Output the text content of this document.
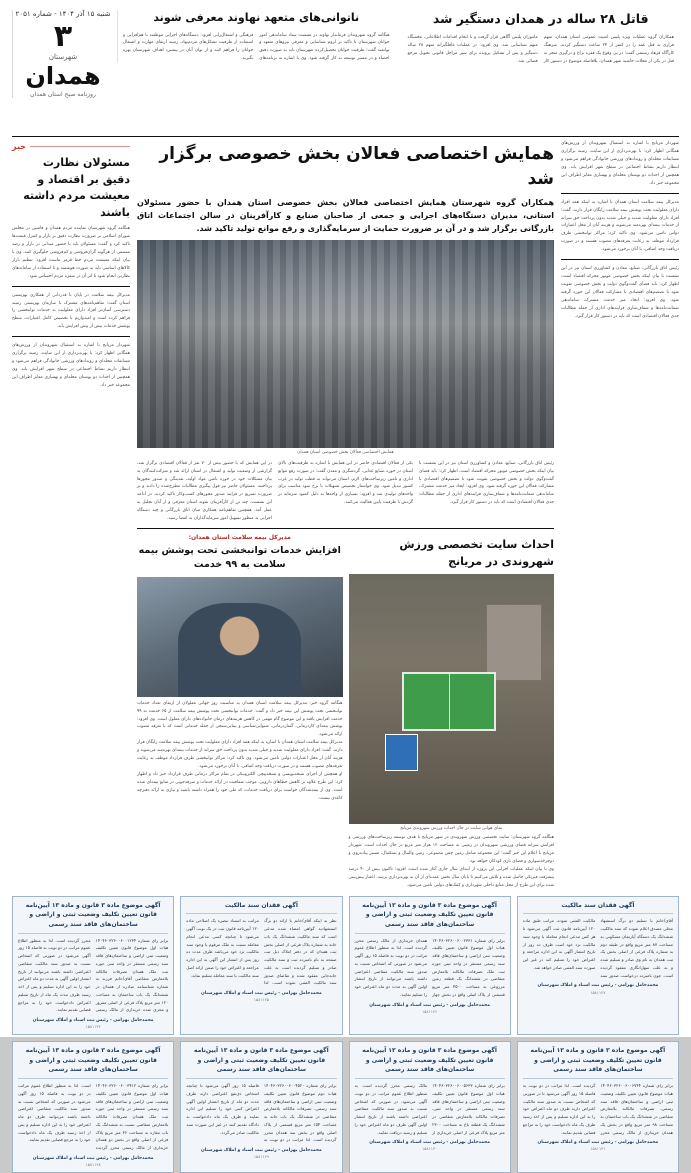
شنبه ۱۵ آذر ۱۴۰۴ - شماره ۲۰۵۱
۳
شهرستان
همدان
روزنامه صبح استان همدان
ناتوانی‌های متعهد نهاوند معرفی شوند
هنگامه گروه شهروندان فرماندار نهاوند در نشست ستاد ساماندهی امور جوانان شهرستان با تاکید بر لزوم شناسایی و معرفی نیروهای متعهد و توانمند گفت: ظرفیت جوانان تحصیل‌کرده شهرستان باید به صورت دقیق احصاء و در مسیر توسعه به کار گرفته شود. وی با اشاره به برنامه‌های فرهنگی و اشتغال‌زایی افزود: دستگاه‌های اجرایی موظفند با هم‌افزایی و استفاده از ظرفیت تشکل‌های مردم‌نهاد، زمینه ارتقای مهارت و اشتغال جوانان را فراهم کنند و از توان آنان در پیشبرد اهداف شهرستان بهره بگیرند.
قاتل ۲۸ ساله در همدان دستگیر شد
همکاران گروه عملیات ویژه پلیس امنیت عمومی استان همدان، متهم فراری به قتل عمد را در کمتر از ۲۴ ساعت دستگیر کردند. سرهنگ کارآگاه فرهاد رستمی گفت: در پی وقوع یک فقره نزاع و درگیری منجر به قتل در یکی از محلات حاشیه شهر همدان، بلافاصله موضوع در دستور کار ماموران پلیس آگاهی قرار گرفت و با انجام اقدامات اطلاعاتی، مخفیگاه متهم شناسایی شد. وی افزود: در عملیات غافلگیرانه متهم ۲۸ ساله دستگیر و پس از تشکیل پرونده برای سیر مراحل قانونی تحویل مرجع قضائی شد.
خبر
مسئولان نظارت دقیق بر اقتصاد و معیشت مردم داشته باشند
هنگامه گروه شهرستان نماینده مردم همدان و فامنین در مجلس شورای اسلامی بر ضرورت نظارت دقیق بر بازار و کنترل قیمت‌ها تاکید کرد و گفت: مسئولان باید با حضور میدانی در بازار و رصد مستمر، از هرگونه گران‌فروشی و کم‌فروشی جلوگیری کنند. وی با بیان اینکه معیشت مردم خط قرمز ماست افزود: تنظیم بازار کالاهای اساسی باید به صورت هوشمند و با استفاده از سامانه‌های نظارتی انجام شود تا اثر آن در سفره مردم احساس شود.
مدیرکل بیمه سلامت در پایان با قدردانی از همکاری بهزیستی استان گفت: تفاهم‌نامه‌های مشترک با سازمان بهزیستی زمینه دسترسی آسان‌تر افراد دارای معلولیت به خدمات توانبخشی را فراهم کرده است و امیدواریم با تخصیص کامل اعتبارات، سطح پوشش خدمات بیش از پیش افزایش یابد.
شهردار مریانج با اشاره به استقبال شهروندان از ورزش‌های همگانی اظهار کرد: با بهره‌برداری از این سایت، زمینه برگزاری مسابقات محله‌ای و رویدادهای ورزشی خانوادگی فراهم می‌شود و انتظار داریم نشاط اجتماعی در سطح شهر افزایش یابد. وی همچنین از احداث دو بوستان محله‌ای و بهسازی معابر اطراف این مجموعه خبر داد.
همایش اختصاصی فعالان بخش خصوصی برگزار شد
همکاران گروه شهرستان همایش اختصاصی فعالان بخش خصوصی استان همدان با حضور مسئولان استانی، مدیران دستگاه‌های اجرایی و جمعی از صاحبان صنایع و کارآفرینان در سالن اجتماعات اتاق بازرگانی برگزار شد و در آن بر ضرورت حمایت از سرمایه‌گذاری و رفع موانع تولید تاکید شد.
همایش اختصاصی فعالان بخش خصوصی استان همدان
در این همایش که با حضور بیش از ۷۰ نفر از فعالان اقتصادی برگزار شد، گزارشی از وضعیت تولید و اشتغال در استان ارائه شد و شرکت‌کنندگان به بیان مشکلات خود در حوزه تامین مواد اولیه، نقدینگی و صدور مجوزها پرداختند. مسئولان حاضر نیز قول پیگیری مطالبات مطرح‌شده را دادند و بر ضرورت تسریع در فرایند صدور مجوزهای کسب‌وکار تاکید کردند. در ادامه این نشست، چند تن از کارآفرینان نمونه استان معرفی و از آنان تجلیل به عمل آمد. همچنین تفاهم‌نامه همکاری میان اتاق بازرگانی و چند دستگاه اجرایی به منظور تسهیل امور سرمایه‌گذاران به امضا رسید.
یکی از فعالان اقتصادی حاضر در این همایش با اشاره به ظرفیت‌های بالای استان در حوزه صنایع غذایی، گردشگری و معدن گفت: در صورت رفع موانع اداری و تامین زیرساخت‌های لازم، استان می‌تواند به قطب تولید در غرب کشور تبدیل شود. وی خواستار تخصیص تسهیلات با نرخ سود مناسب برای واحدهای تولیدی شد و افزود: بسیاری از واحدها به دلیل کمبود سرمایه در گردش با ظرفیت پایین فعالیت می‌کنند.
رئیس اتاق بازرگانی، صنایع، معادن و کشاورزی استان نیز در این نشست با بیان اینکه بخش خصوصی موتور محرکه اقتصاد است، اظهار کرد: باید فضای گفت‌وگوی دولت و بخش خصوصی تقویت شود تا تصمیم‌های اقتصادی با مشارکت فعالان این حوزه گرفته شود. وی افزود: ایجاد میز خدمت مشترک، ساماندهی ضمانت‌نامه‌ها و شفاف‌سازی فرایندهای اداری از جمله مطالبات جدی فعالان اقتصادی است که باید در دستور کار قرار گیرد.
مدیرکل بیمه سلامت استان همدان:
افزایش خدمات توانبخشی تحت پوشش بیمه سلامت به ۹۹ خدمت
هنگامه گروه خبر: مدیرکل بیمه سلامت استان همدان به مناسبت روز جهانی معلولان از ارتقای تعداد خدمات توانبخشی تحت پوشش این بیمه خبر داد و گفت: خدمات توانبخشی تحت پوشش بیمه سلامت از ۶۵ خدمت به ۹۹ خدمت افزایش یافته و این موضوع گام مهمی در کاهش هزینه‌های درمان خانواده‌های دارای معلول است. وی افزود: پوشش بیمه‌ای کاردرمانی، گفتاردرمانی، شنوایی‌شناسی و بینایی‌سنجی از جمله خدماتی است که با تعرفه مصوب ارائه می‌شود.
مدیرکل بیمه سلامت استان همدان با اشاره به اینکه همه افراد دارای معلولیت تحت پوشش بیمه سلامت رایگان قرار دارند، گفت: افراد دارای معلولیت شدید و خیلی شدید بدون پرداخت حق سرانه از خدمات بیمه‌ای بهره‌مند می‌شوند و هزینه آنان از محل اعتبارات دولتی تامین می‌شود. وی تاکید کرد: مراکز توانبخشی طرف قرارداد موظف به رعایت تعرفه‌های مصوب هستند و در صورت دریافت وجه اضافی، با آنان برخورد می‌شود.
او همچنین از اجرای نسخه‌نویسی و نسخه‌پیچی الکترونیکی در تمام مراکز درمانی طرف قرارداد خبر داد و اظهار کرد: این طرح علاوه بر کاهش خطاهای دارویی، موجب شفافیت در ارائه خدمات و صرفه‌جویی در منابع بیمه‌ای شده است. وی از بیمه‌شدگان خواست برای دریافت خدمات، کد ملی خود را همراه داشته باشند و نیازی به ارائه دفترچه کاغذی نیست.
احداث سایت تخصصی ورزش شهروندی در مریانج
نمای هوایی سایت در حال احداث ورزش شهروندی مریانج
هنگامه گروه شهرستان: سایت تخصصی ورزش شهروندی در شهر مریانج با هدف توسعه زیرساخت‌های ورزشی و افزایش سرانه فضای ورزشی شهروندان در زمینی به مساحت ۱۲ هزار متر مربع در حال احداث است. شهردار مریانج با اعلام این خبر گفت: این مجموعه شامل زمین چمن مصنوعی، زمین والیبال و بسکتبال، مسیر پیاده‌روی و دوچرخه‌سواری و فضای بازی کودکان خواهد بود.
وی با بیان اینکه عملیات اجرایی این پروژه از ابتدای سال جاری آغاز شده است، افزود: تاکنون بیش از ۴۰ درصد پیشرفت فیزیکی حاصل شده و تلاش می‌کنیم تا پایان سال بخش عمده‌ای از آن به بهره‌برداری برسد. اعتبار پیش‌بینی شده برای این طرح از محل منابع داخلی شهرداری و کمک‌های دولتی تامین می‌شود.
شهردار مریانج با اشاره به استقبال شهروندان از ورزش‌های همگانی اظهار کرد: با بهره‌برداری از این سایت، زمینه برگزاری مسابقات محله‌ای و رویدادهای ورزشی خانوادگی فراهم می‌شود و انتظار داریم نشاط اجتماعی در سطح شهر افزایش یابد. وی همچنین از احداث دو بوستان محله‌ای و بهسازی معابر اطراف این مجموعه خبر داد.
مدیرکل بیمه سلامت استان همدان با اشاره به اینکه همه افراد دارای معلولیت تحت پوشش بیمه سلامت رایگان قرار دارند، گفت: افراد دارای معلولیت شدید و خیلی شدید بدون پرداخت حق سرانه از خدمات بیمه‌ای بهره‌مند می‌شوند و هزینه آنان از محل اعتبارات دولتی تامین می‌شود. وی تاکید کرد: مراکز توانبخشی طرف قرارداد موظف به رعایت تعرفه‌های مصوب هستند و در صورت دریافت وجه اضافی، با آنان برخورد می‌شود.
رئیس اتاق بازرگانی، صنایع، معادن و کشاورزی استان نیز در این نشست با بیان اینکه بخش خصوصی موتور محرکه اقتصاد است، اظهار کرد: باید فضای گفت‌وگوی دولت و بخش خصوصی تقویت شود تا تصمیم‌های اقتصادی با مشارکت فعالان این حوزه گرفته شود. وی افزود: ایجاد میز خدمت مشترک، ساماندهی ضمانت‌نامه‌ها و شفاف‌سازی فرایندهای اداری از جمله مطالبات جدی فعالان اقتصادی است که باید در دستور کار قرار گیرد.
آگهی موضوع ماده ۳ قانون و ماده ۱۳ آیین‌نامه قانون تعیین تکلیف وضعیت ثبتی و اراضی و ساختمان‌های فاقد سند رسمی
برابر رای شماره ۱۴۰۴۶۰۳۲۶۰۰۶۰۰۱۲۳۴ هیات اول موضوع قانون تعیین تکلیف وضعیت ثبتی اراضی و ساختمان‌های فاقد سند رسمی مستقر در واحد ثبتی حوزه ثبت ملک همدان تصرفات مالکانه بلامعارض متقاضی آقای/خانم فرزند به شماره شناسنامه صادره از همدان در ششدانگ یک باب ساختمان به مساحت ۱۲۰ متر مربع پلاک فرعی از اصلی مفروز و مجزی شده خریداری از مالک رسمی محرز گردیده است. لذا به منظور اطلاع عموم مراتب در دو نوبت به فاصله ۱۵ روز آگهی می‌شود در صورتی که اشخاص نسبت به صدور سند مالکیت متقاضی اعتراضی داشته باشند می‌توانند از تاریخ انتشار اولین آگهی به مدت دو ماه اعتراض خود را به این اداره تسلیم و پس از اخذ رسید ظرف مدت یک ماه از تاریخ تسلیم اعتراض دادخواست خود را به مراجع قضایی تقدیم نمایند.
محمدحامل بهرامی - رئیس ثبت اسناد و املاک شهرستان
۱۵۸۱۱۲۴
آگهی فقدان سند مالکیت
نظر به اینکه آقای/خانم با ارائه دو برگ استشهادیه گواهی امضاء شده مدعی است که سند مالکیت ششدانگ یک باب خانه به شماره پلاک فرعی از اصلی بخش ثبت همدان که در دفتر املاک ذیل ثبت صفحه به نام نامبرده ثبت و سند مالکیت صادر و تسلیم گردیده است به علت جابه‌جایی مفقود شده و تقاضای صدور سند مالکیت المثنی نموده است. لذا مراتب به استناد تبصره یک اصلاحی ماده ۱۲۰ آیین‌نامه قانون ثبت در یک نوبت آگهی می‌شود تا چنانچه کسی مدعی انجام معامله نسبت به ملک مرقوم یا وجود سند مالکیت نزد خود می‌باشد ظرف مدت ده روز پس از انتشار این آگهی به این اداره مراجعه و اعتراض خود را ضمن ارائه اصل سند مالکیت یا سند معامله تسلیم نماید.
محمدحامل بهرامی - رئیس ثبت اسناد و املاک شهرستان
۱۵۸۱۱۲۵
آگهی موضوع ماده ۳ قانون و ماده ۱۳ آیین‌نامه قانون تعیین تکلیف وضعیت ثبتی و اراضی و ساختمان‌های فاقد سند رسمی
برابر رای شماره ۱۴۰۴۶۰۳۲۶۰۰۶۰۰۲۳۳۱ هیات اول موضوع قانون تعیین تکلیف وضعیت ثبتی اراضی و ساختمان‌های فاقد سند رسمی مستقر در واحد ثبتی حوزه ثبت ملک تصرفات مالکانه بلامعارض متقاضی در ششدانگ یک قطعه زمین مزروعی به مساحت ۴۵۰۰ متر مربع قسمتی از پلاک اصلی واقع در بخش چهار همدان خریداری از مالک رسمی محرز گردیده است. لذا به منظور اطلاع عموم مراتب در دو نوبت به فاصله ۱۵ روز آگهی می‌شود در صورتی که اشخاص نسبت به صدور سند مالکیت متقاضی اعتراضی داشته باشند می‌توانند از تاریخ انتشار اولین آگهی به مدت دو ماه اعتراض خود را تسلیم نمایند.
محمدحامل بهرامی - رئیس ثبت اسناد و املاک شهرستان
۱۵۸۱۱۲۶
آگهی فقدان سند مالکیت
آقای/خانم با تسلیم دو برگ استشهاد محلی مصدق اعلام نموده که سند مالکیت ششدانگ یک دستگاه آپارتمان مسکونی به مساحت ۸۷ متر مربع واقع در طبقه دوم به شماره پلاک فرعی از اصلی بخش یک ثبت همدان به نام وی صادر و تسلیم شده و به علت سهل‌انگاری مفقود گردیده است. چون نامبرده درخواست صدور سند مالکیت المثنی نموده، مراتب طبق ماده ۱۲۰ آیین‌نامه قانون ثبت آگهی می‌شود تا هر کس مدعی انجام معامله یا وجود سند مالکیت نزد خود است ظرف ده روز از تاریخ انتشار آگهی به این اداره مراجعه و اعتراض خود را تسلیم کند در غیر این صورت سند المثنی صادر خواهد شد.
محمدحامل بهرامی - رئیس ثبت اسناد و املاک شهرستان
۱۵۸۱۱۲۷
آگهی موضوع ماده ۳ قانون و ماده ۱۳ آیین‌نامه قانون تعیین تکلیف وضعیت ثبتی و اراضی و ساختمان‌های فاقد سند رسمی
برابر رای شماره ۱۴۰۴۶۰۳۲۶۰۰۶۰۰۳۴۱۲ هیات اول موضوع قانون تعیین تکلیف وضعیت ثبتی اراضی و ساختمان‌های فاقد سند رسمی مستقر در واحد ثبتی حوزه ثبت ملک همدان تصرفات مالکانه بلامعارض متقاضی نسبت به ششدانگ یک باب مغازه به مساحت ۳۶ متر مربع پلاک فرعی از اصلی واقع در بخش دو همدان خریداری از مالک رسمی محرز گردیده است. لذا به منظور اطلاع عموم مراتب در دو نوبت به فاصله ۱۵ روز آگهی می‌شود در صورتی که اشخاص نسبت به صدور سند مالکیت متقاضی اعتراضی داشته باشند می‌توانند ظرف دو ماه اعتراض خود را به این اداره تسلیم و پس از اخذ رسید ظرف یک ماه دادخواست خود را به مرجع قضایی تقدیم نمایند.
محمدحامل بهرامی - رئیس ثبت اسناد و املاک شهرستان
۱۵۸۱۱۲۸
آگهی موضوع ماده ۳ قانون و ماده ۱۳ آیین‌نامه قانون تعیین تکلیف وضعیت ثبتی و اراضی و ساختمان‌های فاقد سند رسمی
برابر رای شماره ۱۴۰۴۶۰۳۲۶۰۰۶۰۰۴۵۲۰ هیات دوم موضوع قانون تعیین تکلیف وضعیت ثبتی اراضی و ساختمان‌های فاقد سند رسمی، تصرفات مالکانه بلامعارض متقاضی در ششدانگ یک باب خانه به مساحت ۱۵۴ متر مربع قسمتی از پلاک اصلی واقع در بخش سه همدان محرز گردیده است. لذا مراتب در دو نوبت به فاصله ۱۵ روز آگهی می‌شود تا چنانچه اشخاص ذی‌نفع اعتراضی دارند ظرف مدت دو ماه از تاریخ انتشار اولین آگهی اعتراض کتبی خود را تسلیم این اداره نمایند و ظرف یک ماه دادخواست به دادگاه تقدیم کنند در غیر این صورت سند مالکیت صادر می‌گردد.
محمدحامل بهرامی - رئیس ثبت اسناد و املاک شهرستان
۱۵۸۱۱۲۹
آگهی موضوع ماده ۳ قانون و ماده ۱۳ آیین‌نامه قانون تعیین تکلیف وضعیت ثبتی و اراضی و ساختمان‌های فاقد سند رسمی
برابر رای شماره ۱۴۰۴۶۰۳۲۶۰۰۶۰۰۵۶۳۳ هیات اول موضوع قانون تعیین تکلیف وضعیت ثبتی اراضی و ساختمان‌های فاقد سند رسمی مستقر در واحد ثبتی، تصرفات مالکانه بلامعارض متقاضی در ششدانگ یک قطعه باغ به مساحت ۲۳۰۰ متر مربع پلاک فرعی از اصلی خریداری از مالک رسمی محرز گردیده است. به منظور اطلاع عموم مراتب در دو نوبت آگهی می‌شود. در صورتی که اشخاص نسبت به صدور سند مالکیت متقاضی اعتراضی داشته باشند از تاریخ انتشار اولین آگهی ظرف دو ماه اعتراض خود را تسلیم و رسید دریافت نمایند.
محمدحامل بهرامی - رئیس ثبت اسناد و املاک شهرستان
۱۵۸۱۱۳۰
آگهی موضوع ماده ۳ قانون و ماده ۱۳ آیین‌نامه قانون تعیین تکلیف وضعیت ثبتی و اراضی و ساختمان‌های فاقد سند رسمی
برابر رای شماره ۱۴۰۴۶۰۳۲۶۰۰۶۰۰۶۷۴۴ هیات موضوع قانون تعیین تکلیف وضعیت ثبتی اراضی و ساختمان‌های فاقد سند رسمی، تصرفات مالکانه بلامعارض متقاضی در ششدانگ یک باب ساختمان به مساحت ۹۸ متر مربع واقع در بخش یک همدان خریداری از مالک رسمی محرز گردیده است. لذا مراتب در دو نوبت به فاصله ۱۵ روز آگهی می‌شود تا در صورتی که اشخاص نسبت به صدور سند مالکیت اعتراض دارند ظرف دو ماه اعتراض خود را به این اداره تسلیم و پس از اخذ رسید ظرف یک ماه دادخواست خود را به مراجع قضایی تقدیم نمایند.
محمدحامل بهرامی - رئیس ثبت اسناد و املاک شهرستان
۱۵۸۱۱۳۱
